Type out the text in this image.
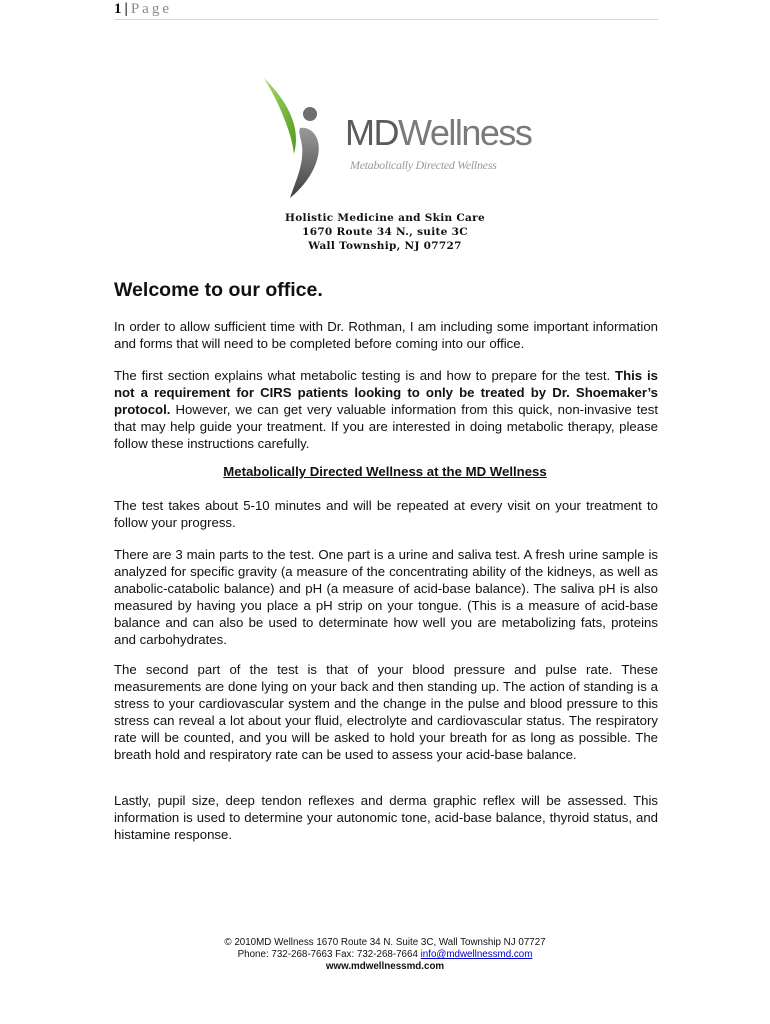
1 | Page
MDWellness
Metabolically Directed Wellness
Holistic Medicine and Skin Care
1670 Route 34 N., suite 3C
Wall Township, NJ 07727
Welcome to our office.

In order to allow sufficient time with Dr. Rothman, I am including some important information and forms that will need to be completed before coming into our office.

The first section explains what metabolic testing is and how to prepare for the test. This is not a requirement for CIRS patients looking to only be treated by Dr. Shoemaker’s protocol. However, we can get very valuable information from this quick, non-invasive test that may help guide your treatment. If you are interested in doing metabolic therapy, please follow these instructions carefully.

Metabolically Directed Wellness at the MD Wellness

The test takes about 5-10 minutes and will be repeated at every visit on your treatment to follow your progress.

There are 3 main parts to the test. One part is a urine and saliva test. A fresh urine sample is analyzed for specific gravity (a measure of the concentrating ability of the kidneys, as well as anabolic-catabolic balance) and pH (a measure of acid-base balance). The saliva pH is also measured by having you place a pH strip on your tongue. (This is a measure of acid-base balance and can also be used to determinate how well you are metabolizing fats, proteins and carbohydrates.

The second part of the test is that of your blood pressure and pulse rate. These measurements are done lying on your back and then standing up. The action of standing is a stress to your cardiovascular system and the change in the pulse and blood pressure to this stress can reveal a lot about your fluid, electrolyte and cardiovascular status. The respiratory rate will be counted, and you will be asked to hold your breath for as long as possible. The breath hold and respiratory rate can be used to assess your acid-base balance.

Lastly, pupil size, deep tendon reflexes and derma graphic reflex will be assessed. This information is used to determine your autonomic tone, acid-base balance, thyroid status, and histamine response.

© 2010MD Wellness 1670 Route 34 N. Suite 3C, Wall Township NJ 07727
Phone: 732-268-7663 Fax: 732-268-7664 info@mdwellnessmd.com
www.mdwellnessmd.com
